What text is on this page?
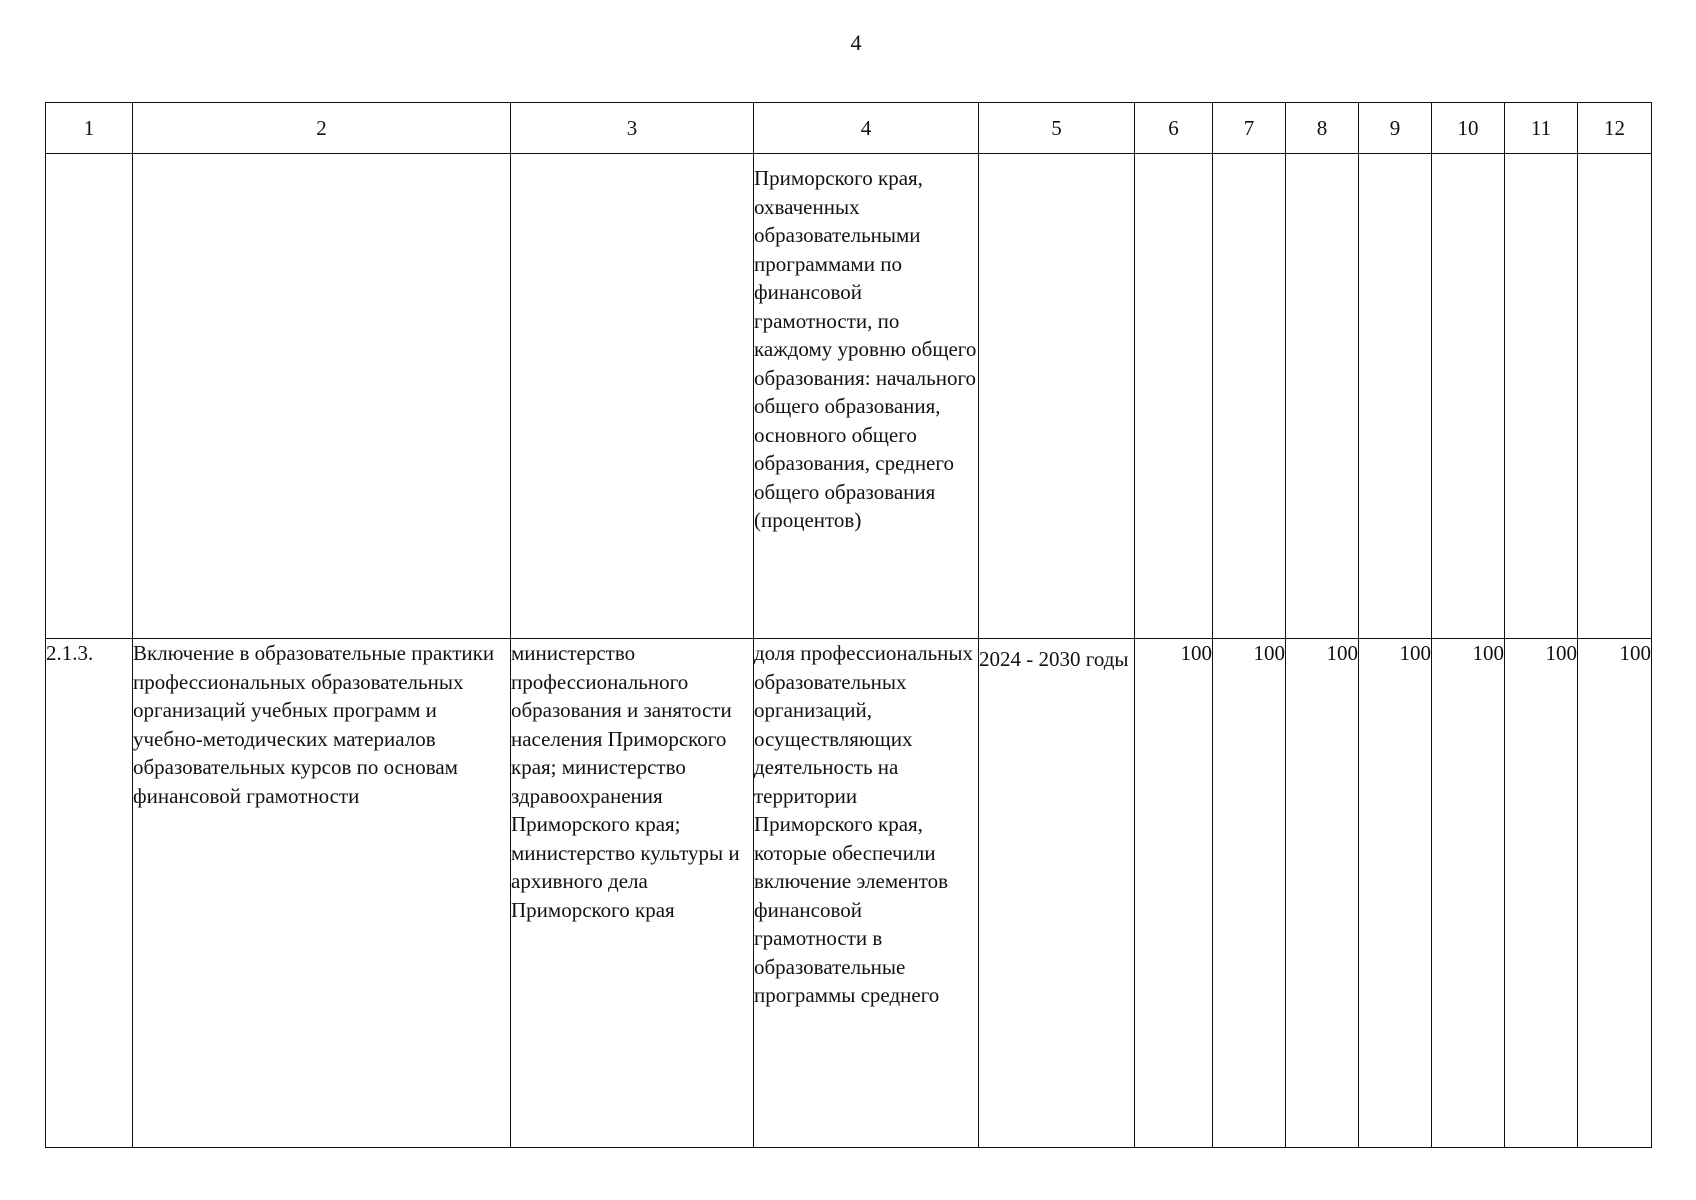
4
1	2	3	4	5	6	7	8	9	10	11	12
			Приморского края, охваченных образовательными программами по финансовой грамотности, по каждому уровню общего образования: начального общего образования, основного общего образования, среднего общего образования (процентов)								
2.1.3.	Включение в образовательные практики профессиональных образовательных организаций учебных программ и учебно-методических материалов образовательных курсов по основам финансовой грамотности	министерство профессионального образования и занятости населения Приморского края; министерство здравоохранения Приморского края; министерство культуры и архивного дела Приморского края	доля профессиональных образовательных организаций, осуществляющих деятельность на территории Приморского края, которые обеспечили включение элементов финансовой грамотности в образовательные программы среднего	2024 - 2030 годы	100	100	100	100	100	100	100
